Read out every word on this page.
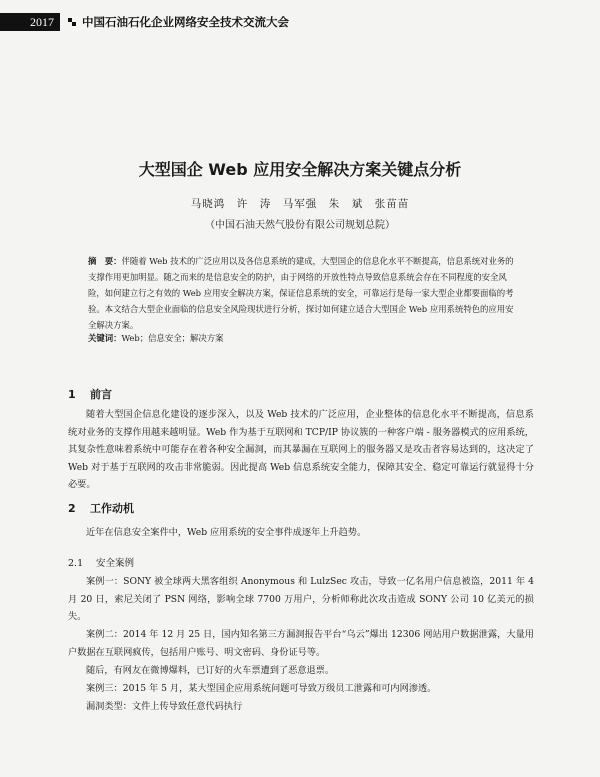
2017	中国石油石化企业网络安全技术交流大会
大型国企 Web 应用安全解决方案关键点分析
马晓鸿　许　涛　马军强　朱　斌　张苗苗
（中国石油天然气股份有限公司规划总院）
摘　要：伴随着 Web 技术的广泛应用以及各信息系统的建成，大型国企的信息化水平不断提高，信息系统对业务的支撑作用更加明显。随之而来的是信息安全的防护，由于网络的开放性特点导致信息系统会存在不同程度的安全风险，如何建立行之有效的 Web 应用安全解决方案，保证信息系统的安全，可靠运行是每一家大型企业都要面临的考验。本文结合大型企业面临的信息安全风险现状进行分析，探讨如何建立适合大型国企 Web 应用系统特色的应用安全解决方案。
关键词：Web；信息安全；解决方案
1 前言
随着大型国企信息化建设的逐步深入，以及 Web 技术的广泛应用，企业整体的信息化水平不断提高，信息系统对业务的支撑作用越来越明显。Web 作为基于互联网和 TCP/IP 协议簇的一种客户端 - 服务器模式的应用系统，其复杂性意味着系统中可能存在着各种安全漏洞，而其暴漏在互联网上的服务器又是攻击者容易达到的，这决定了 Web 对于基于互联网的攻击非常脆弱。因此提高 Web 信息系统安全能力，保障其安全、稳定可靠运行就显得十分必要。
2 工作动机
近年在信息安全案件中，Web 应用系统的安全事件成逐年上升趋势。
2.1 安全案例
案例一：SONY 被全球两大黑客组织 Anonymous 和 LulzSec 攻击，导致一亿名用户信息被盗，2011 年 4 月 20 日，索尼关闭了 PSN 网络，影响全球 7700 万用户，分析师称此次攻击造成 SONY 公司 10 亿美元的损失。
案例二：2014 年 12 月 25 日，国内知名第三方漏洞报告平台“乌云”爆出 12306 网站用户数据泄露，大量用户数据在互联网疯传，包括用户账号、明文密码、身份证号等。
随后，有网友在微博爆料，已订好的火车票遭到了恶意退票。
案例三：2015 年 5 月，某大型国企应用系统问题可导致万级员工泄露和可内网渗透。
漏洞类型：文件上传导致任意代码执行
